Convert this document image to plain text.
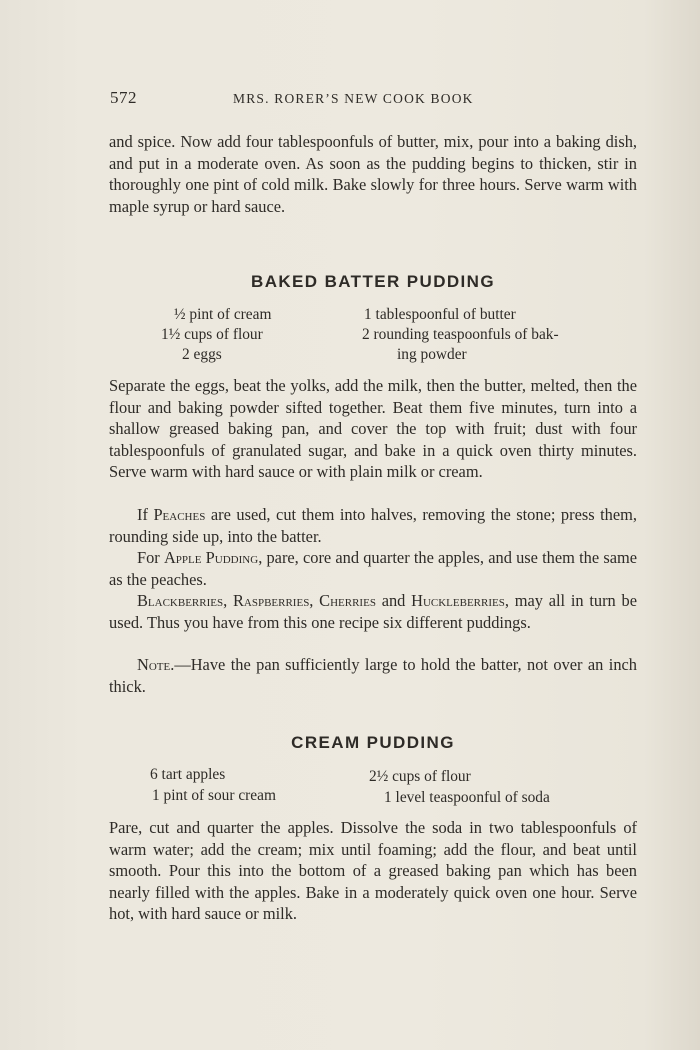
572	MRS. RORER’S NEW COOK BOOK

and spice. Now add four tablespoonfuls of butter, mix, pour into a baking dish, and put in a moderate oven. As soon as the pudding begins to thicken, stir in thoroughly one pint of cold milk. Bake slowly for three hours. Serve warm with maple syrup or hard sauce.

BAKED BATTER PUDDING
½ pint of cream
1½ cups of flour
2 eggs
1 tablespoonful of butter
2 rounding teaspoonfuls of bak-
ing powder

Separate the eggs, beat the yolks, add the milk, then the butter, melted, then the flour and baking powder sifted together. Beat them five minutes, turn into a shallow greased baking pan, and cover the top with fruit; dust with four tablespoonfuls of granulated sugar, and bake in a quick oven thirty minutes. Serve warm with hard sauce or with plain milk or cream.

If Peaches are used, cut them into halves, removing the stone; press them, rounding side up, into the batter.

For Apple Pudding, pare, core and quarter the apples, and use them the same as the peaches.

Blackberries, Raspberries, Cherries and Huckleberries, may all in turn be used. Thus you have from this one recipe six different puddings.

Note.—Have the pan sufficiently large to hold the batter, not over an inch thick.

CREAM PUDDING
6 tart apples
1 pint of sour cream
2½ cups of flour
1 level teaspoonful of soda

Pare, cut and quarter the apples. Dissolve the soda in two tablespoonfuls of warm water; add the cream; mix until foaming; add the flour, and beat until smooth. Pour this into the bottom of a greased baking pan which has been nearly filled with the apples. Bake in a moderately quick oven one hour. Serve hot, with hard sauce or milk.
